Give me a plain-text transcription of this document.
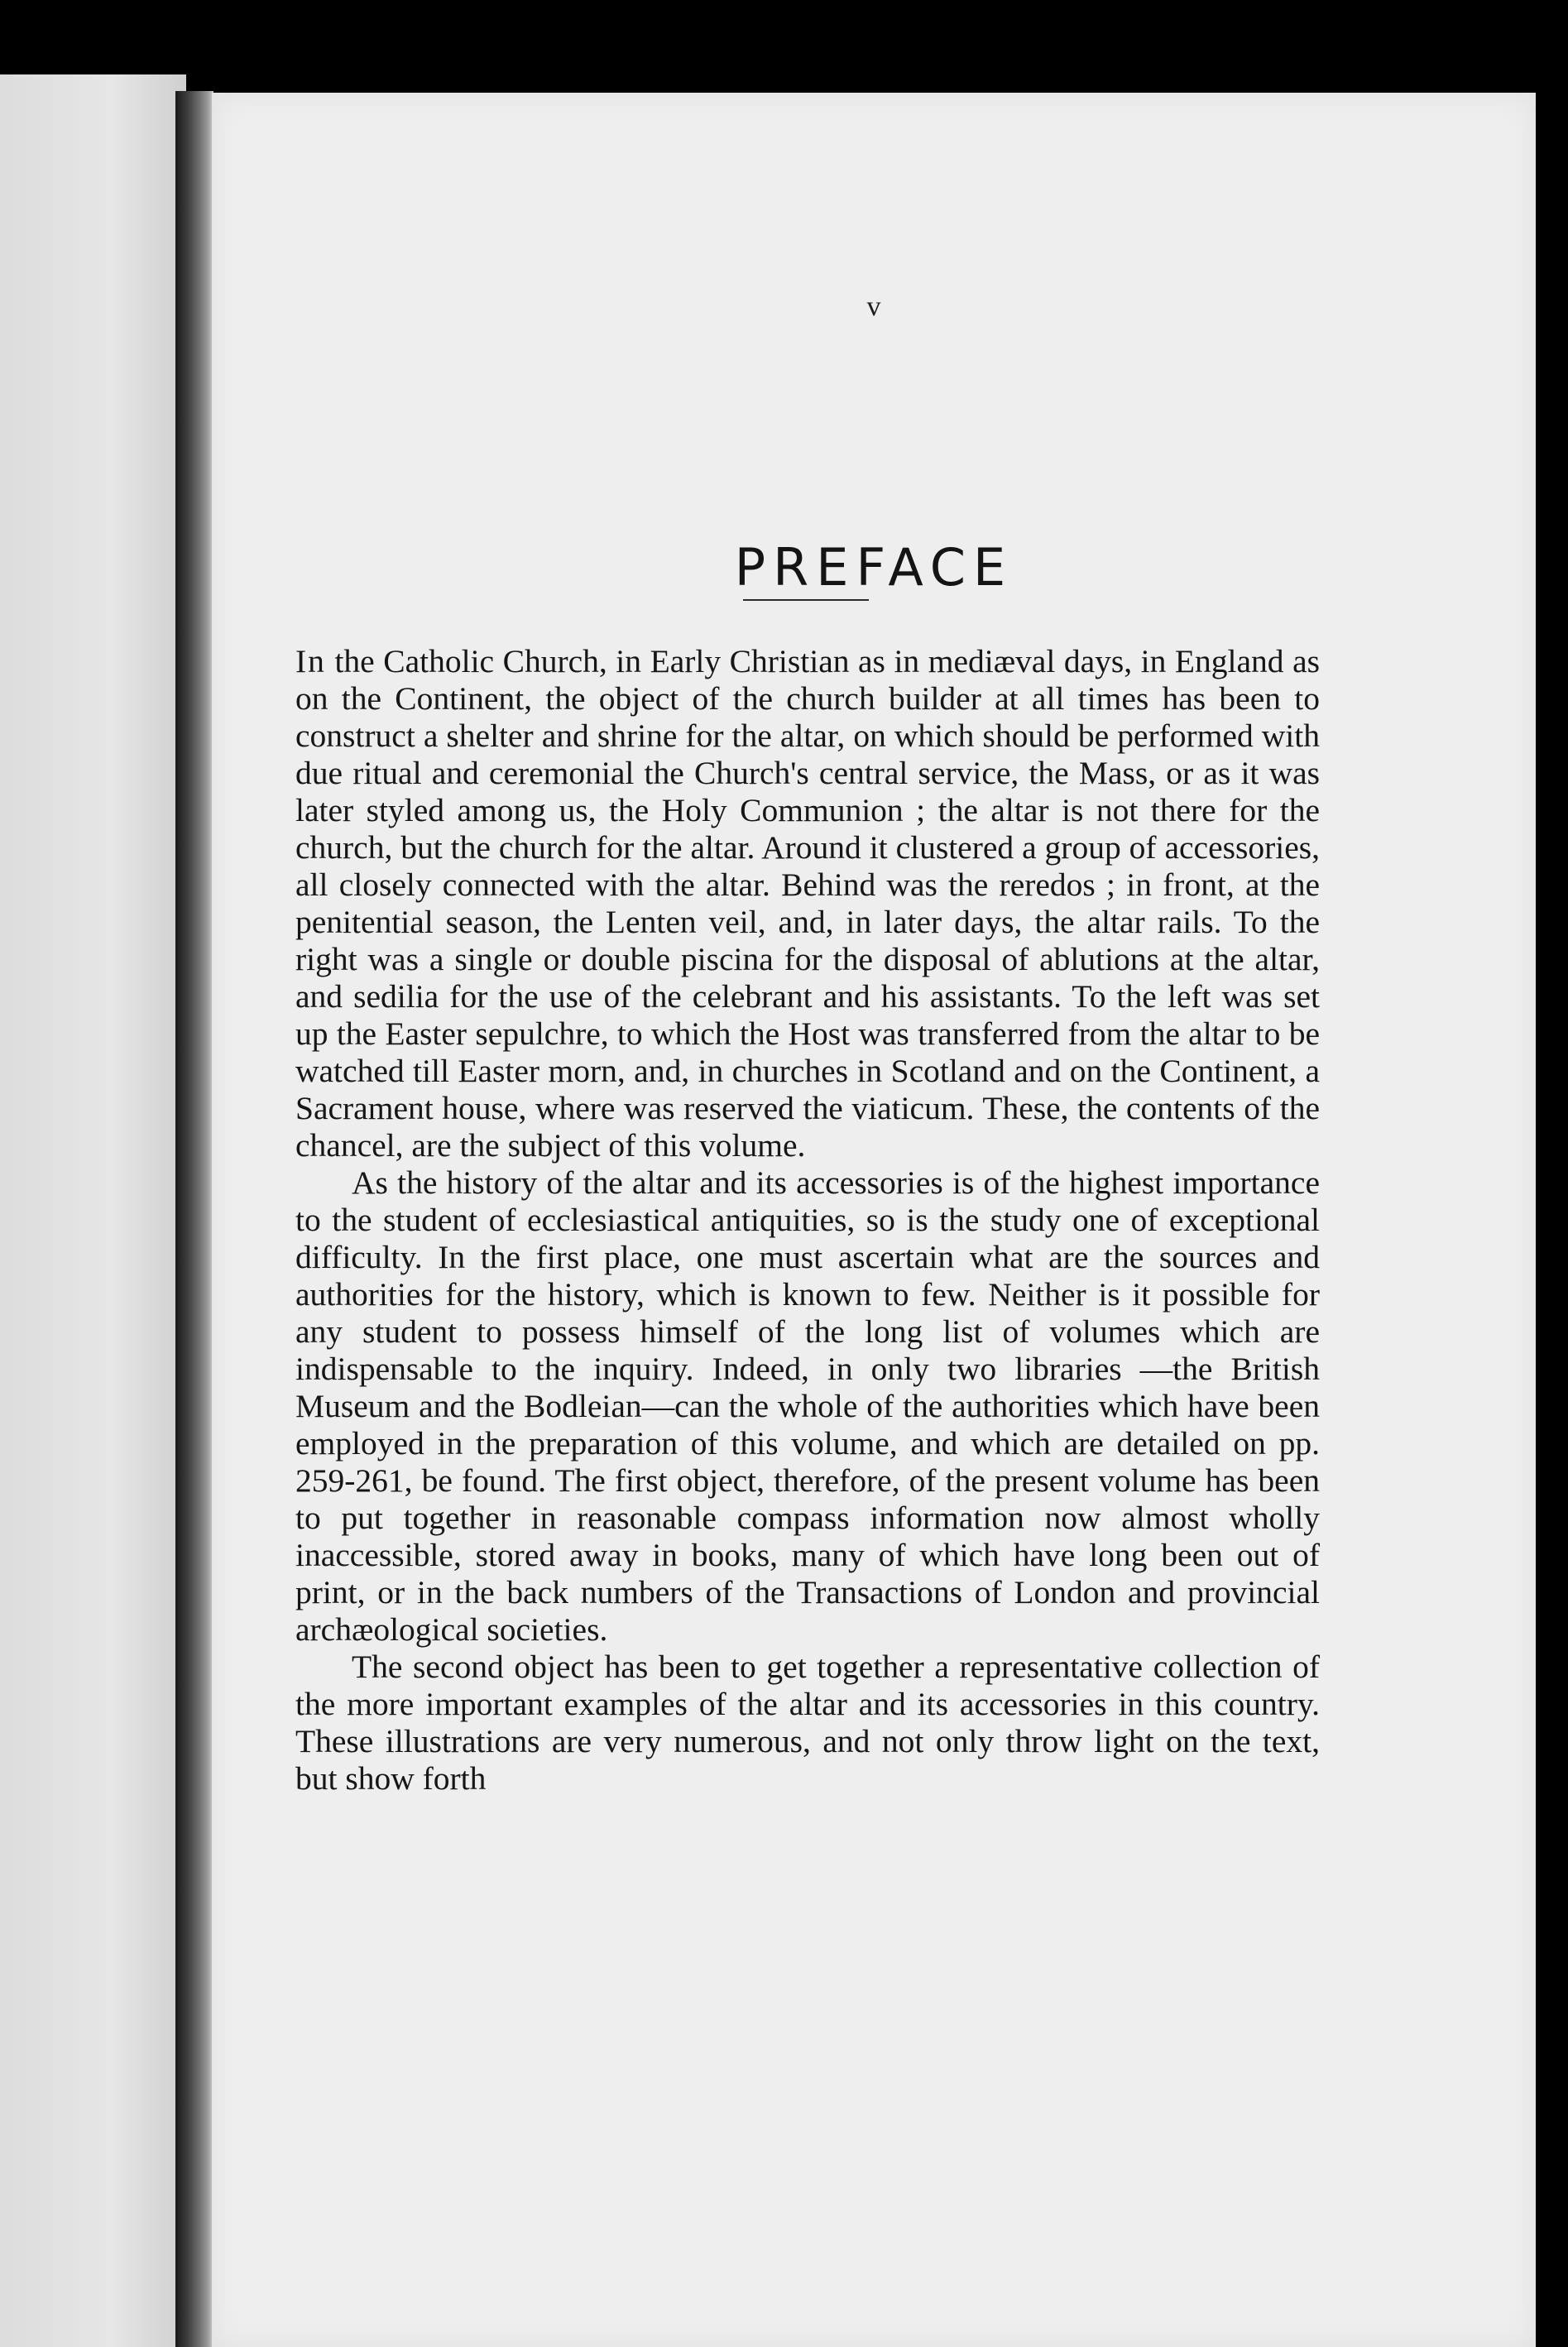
v
PREFACE

In the Catholic Church, in Early Christian as in mediæval days, in England as on the Continent, the object of the church builder at all times has been to construct a shelter and shrine for the altar, on which should be performed with due ritual and ceremonial the Church's central service, the Mass, or as it was later styled among us, the Holy Communion ; the altar is not there for the church, but the church for the altar. Around it clustered a group of accessories, all closely connected with the altar. Behind was the reredos ; in front, at the penitential season, the Lenten veil, and, in later days, the altar rails. To the right was a single or double piscina for the disposal of ablutions at the altar, and sedilia for the use of the celebrant and his assistants. To the left was set up the Easter sepulchre, to which the Host was transferred from the altar to be watched till Easter morn, and, in churches in Scotland and on the Continent, a Sacrament house, where was reserved the viaticum. These, the contents of the chancel, are the subject of this volume.

As the history of the altar and its accessories is of the highest importance to the student of ecclesiastical antiquities, so is the study one of exceptional difficulty. In the first place, one must ascertain what are the sources and authorities for the history, which is known to few. Neither is it possible for any student to possess himself of the long list of volumes which are indispensable to the inquiry. Indeed, in only two libraries —the British Museum and the Bodleian—can the whole of the authorities which have been employed in the preparation of this volume, and which are detailed on pp. 259-261, be found. The first object, therefore, of the present volume has been to put together in reasonable compass information now almost wholly inaccessible, stored away in books, many of which have long been out of print, or in the back numbers of the Transactions of London and provincial archæological societies.

The second object has been to get together a representative collection of the more important examples of the altar and its accessories in this country. These illustrations are very numerous, and not only throw light on the text, but show forth
